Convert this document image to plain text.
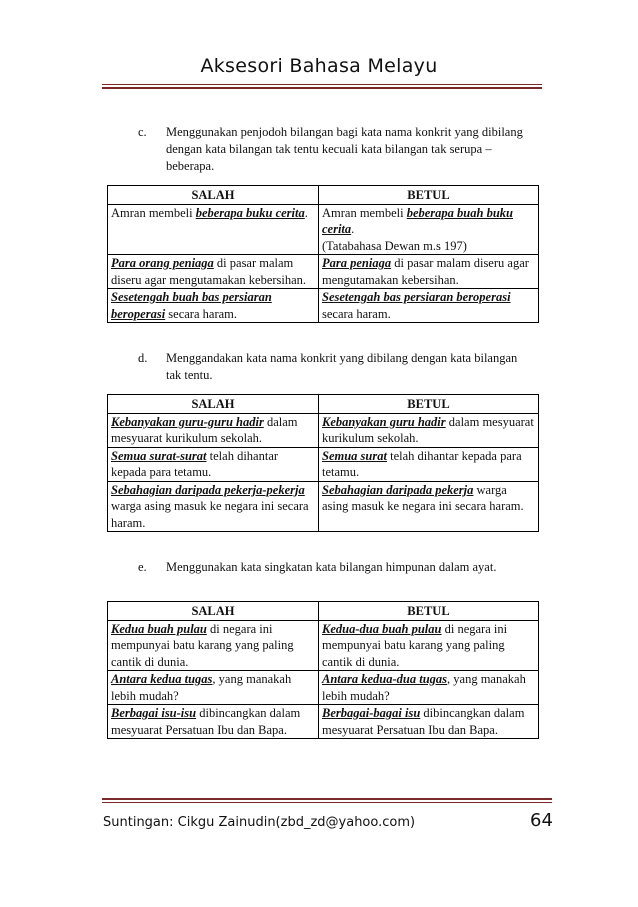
Aksesori Bahasa Melayu
c. Menggunakan penjodoh bilangan bagi kata nama konkrit yang dibilang dengan kata bilangan tak tentu kecuali kata bilangan tak serupa – beberapa.
SALAH	BETUL
Amran membeli beberapa buku cerita.	Amran membeli beberapa buah buku cerita.
(Tatabahasa Dewan m.s 197)
Para orang peniaga di pasar malam diseru agar mengutamakan kebersihan.	Para peniaga di pasar malam diseru agar mengutamakan kebersihan.
Sesetengah buah bas persiaran beroperasi secara haram.	Sesetengah bas persiaran beroperasi secara haram.
d. Menggandakan kata nama konkrit yang dibilang dengan kata bilangan tak tentu.
SALAH	BETUL
Kebanyakan guru-guru hadir dalam mesyuarat kurikulum sekolah.	Kebanyakan guru hadir dalam mesyuarat kurikulum sekolah.
Semua surat-surat telah dihantar kepada para tetamu.	Semua surat telah dihantar kepada para tetamu.
Sebahagian daripada pekerja-pekerja warga asing masuk ke negara ini secara haram.	Sebahagian daripada pekerja warga asing masuk ke negara ini secara haram.
e. Menggunakan kata singkatan kata bilangan himpunan dalam ayat.
SALAH	BETUL
Kedua buah pulau di negara ini mempunyai batu karang yang paling cantik di dunia.	Kedua-dua buah pulau di negara ini mempunyai batu karang yang paling cantik di dunia.
Antara kedua tugas, yang manakah lebih mudah?	Antara kedua-dua tugas, yang manakah lebih mudah?
Berbagai isu-isu dibincangkan dalam mesyuarat Persatuan Ibu dan Bapa.	Berbagai-bagai isu dibincangkan dalam mesyuarat Persatuan Ibu dan Bapa.
Suntingan: Cikgu Zainudin(zbd_zd@yahoo.com)	64
